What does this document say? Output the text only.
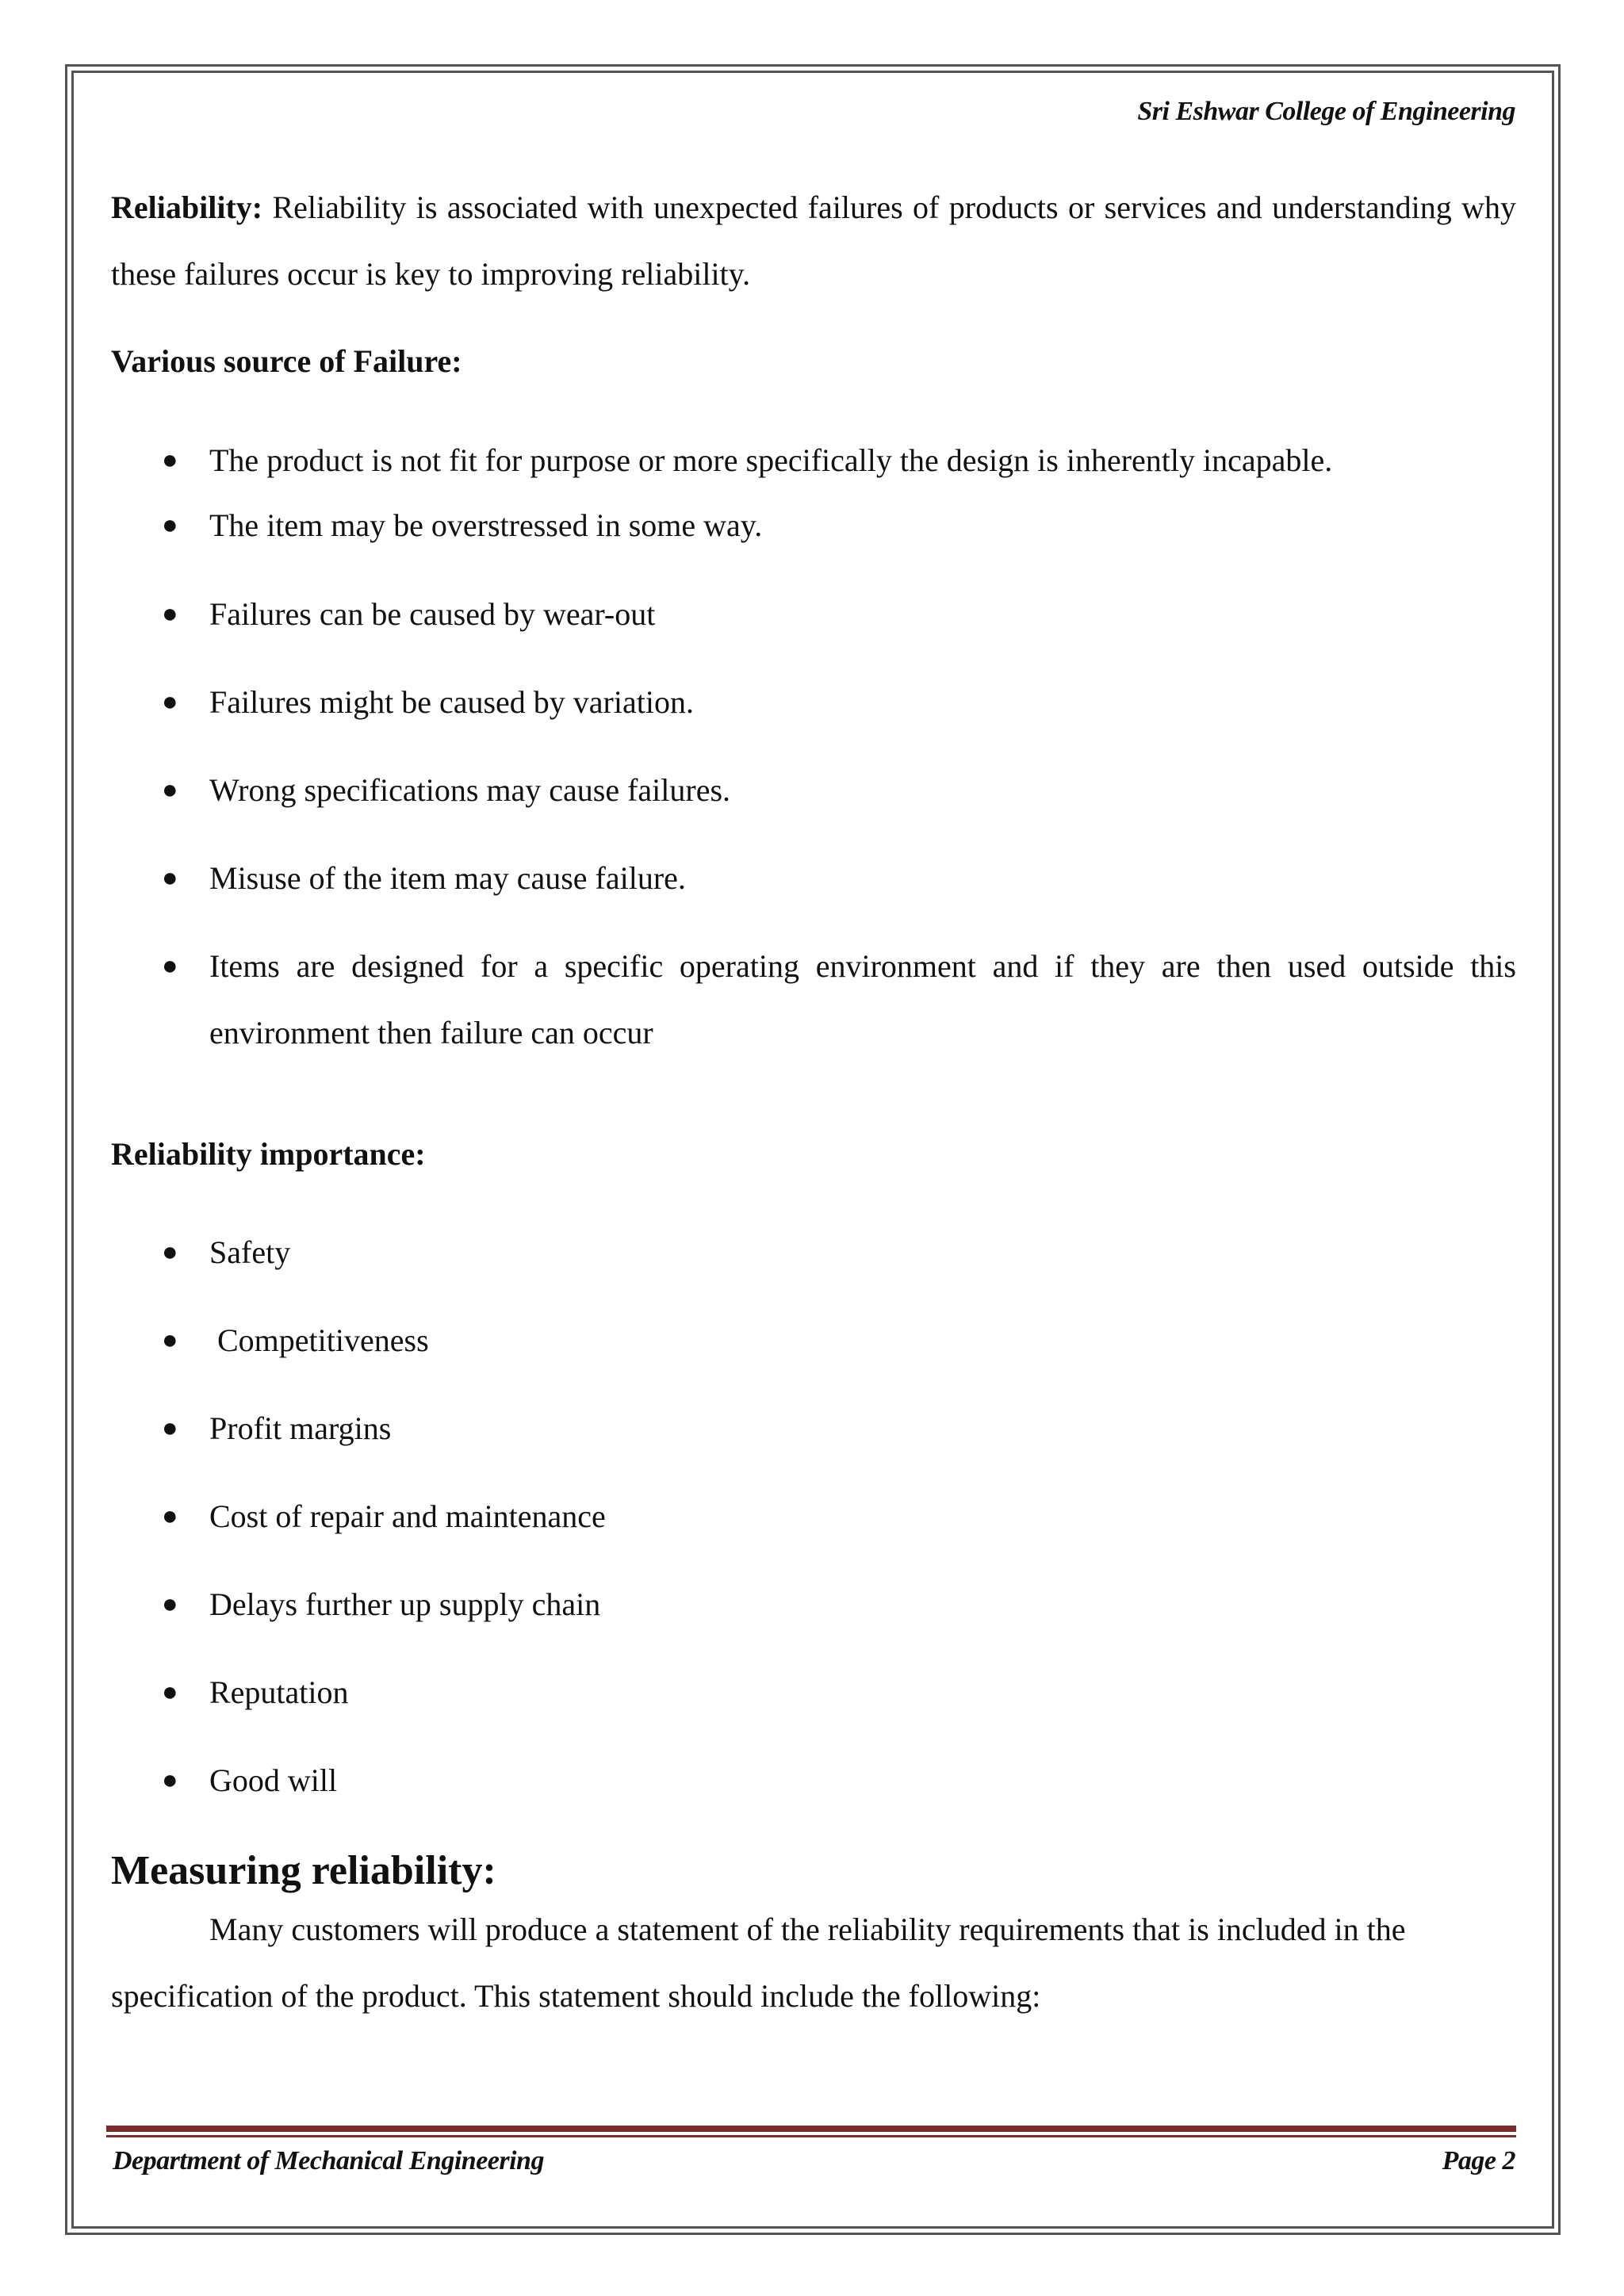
Sri Eshwar College of Engineering
Reliability: Reliability is associated with unexpected failures of products or services and understanding why these failures occur is key to improving reliability.
Various source of Failure:
● The product is not fit for purpose or more specifically the design is inherently incapable.
● The item may be overstressed in some way.
● Failures can be caused by wear-out
● Failures might be caused by variation.
● Wrong specifications may cause failures.
● Misuse of the item may cause failure.
● Items are designed for a specific operating environment and if they are then used outside this environment then failure can occur
Reliability importance:
● Safety
● Competitiveness
● Profit margins
● Cost of repair and maintenance
● Delays further up supply chain
● Reputation
● Good will
Measuring reliability:
Many customers will produce a statement of the reliability requirements that is included in the specification of the product. This statement should include the following:
Department of Mechanical Engineering	Page 2
